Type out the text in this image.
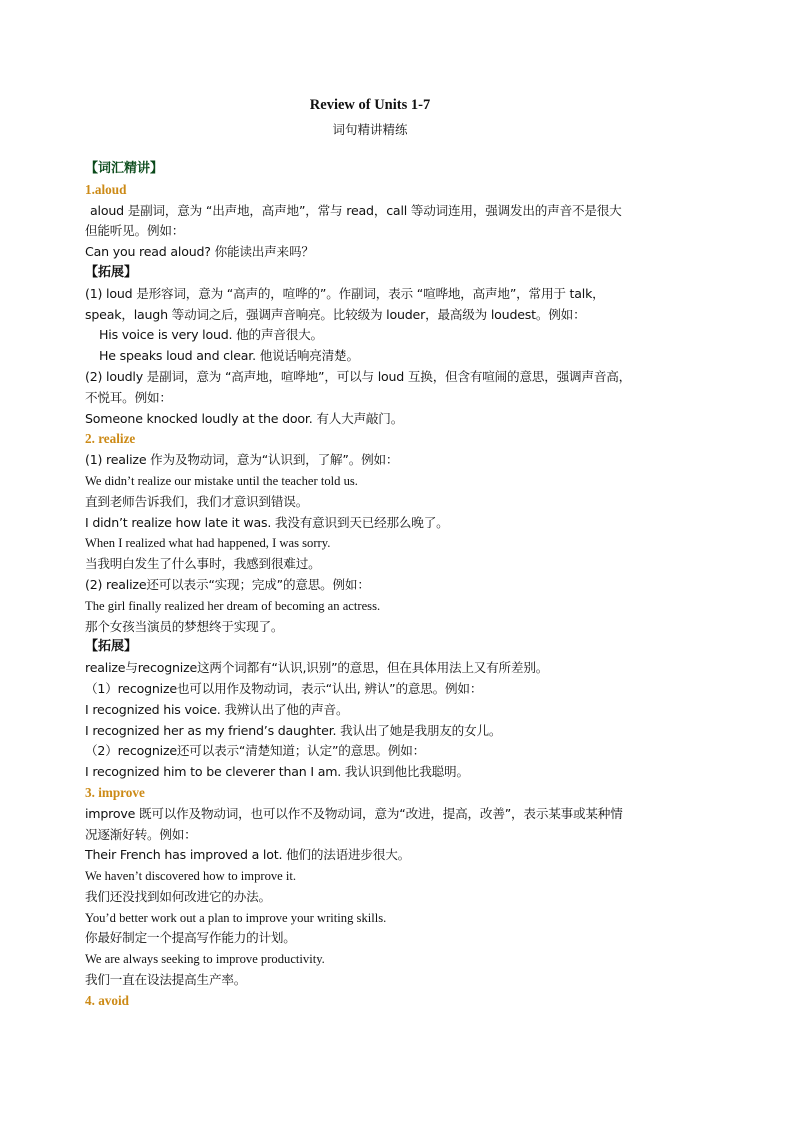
Review of Units 1-7
词句精讲精练

【词汇精讲】

1.aloud

aloud 是副词，意为 “出声地，高声地”，常与 read，call 等动词连用，强调发出的声音不是很大

但能听见。例如：

Can you read aloud? 你能读出声来吗？

【拓展】

(1) loud 是形容词，意为 “高声的，喧哗的”。作副词，表示 “喧哗地，高声地”，常用于 talk，

speak，laugh 等动词之后，强调声音响亮。比较级为 louder，最高级为 loudest。例如：

His voice is very loud. 他的声音很大。

He speaks loud and clear. 他说话响亮清楚。

(2) loudly 是副词，意为 “高声地，喧哗地”，可以与 loud 互换，但含有喧闹的意思，强调声音高，

不悦耳。例如：

Someone knocked loudly at the door. 有人大声敲门。

2. realize

(1) realize 作为及物动词，意为“认识到，了解”。例如：

We didn’t realize our mistake until the teacher told us.

直到老师告诉我们，我们才意识到错误。

I didn’t realize how late it was. 我没有意识到天已经那么晚了。

When I realized what had happened, I was sorry.

当我明白发生了什么事时，我感到很难过。

(2) realize还可以表示“实现；完成”的意思。例如：

The girl finally realized her dream of becoming an actress.

那个女孩当演员的梦想终于实现了。

【拓展】

realize与recognize这两个词都有“认识,识别”的意思，但在具体用法上又有所差别。

（1）recognize也可以用作及物动词，表示“认出, 辨认”的意思。例如：

I recognized his voice. 我辨认出了他的声音。

I recognized her as my friend’s daughter. 我认出了她是我朋友的女儿。

（2）recognize还可以表示“清楚知道；认定”的意思。例如：

I recognized him to be cleverer than I am. 我认识到他比我聪明。

3. improve

improve 既可以作及物动词，也可以作不及物动词，意为“改进，提高，改善”，表示某事或某种情

况逐渐好转。例如：

Their French has improved a lot. 他们的法语进步很大。

We haven’t discovered how to improve it.

我们还没找到如何改进它的办法。

You’d better work out a plan to improve your writing skills.

你最好制定一个提高写作能力的计划。

We are always seeking to improve productivity.

我们一直在设法提高生产率。

4. avoid
